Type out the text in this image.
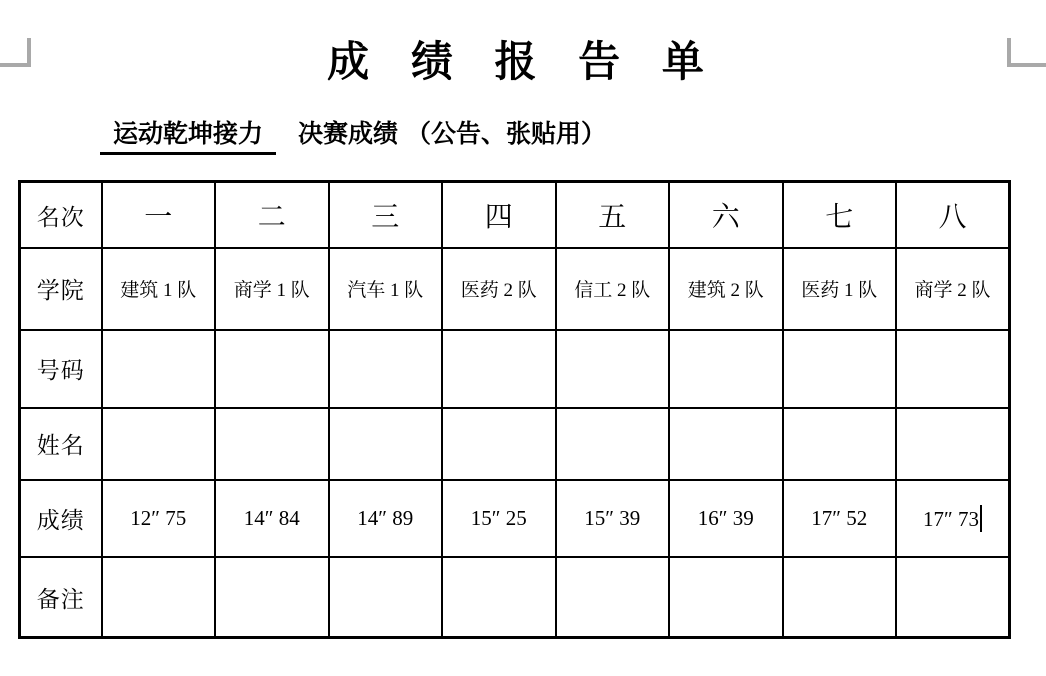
成 绩 报 告 单
运动乾坤接力 决赛成绩 （公告、张贴用）
名次	一	二	三	四	五	六	七	八
学院	建筑 1 队	商学 1 队	汽车 1 队	医药 2 队	信工 2 队	建筑 2 队	医药 1 队	商学 2 队
号码								
姓名								
成绩	12″ 75	14″ 84	14″ 89	15″ 25	15″ 39	16″ 39	17″ 52	17″ 73
备注								
